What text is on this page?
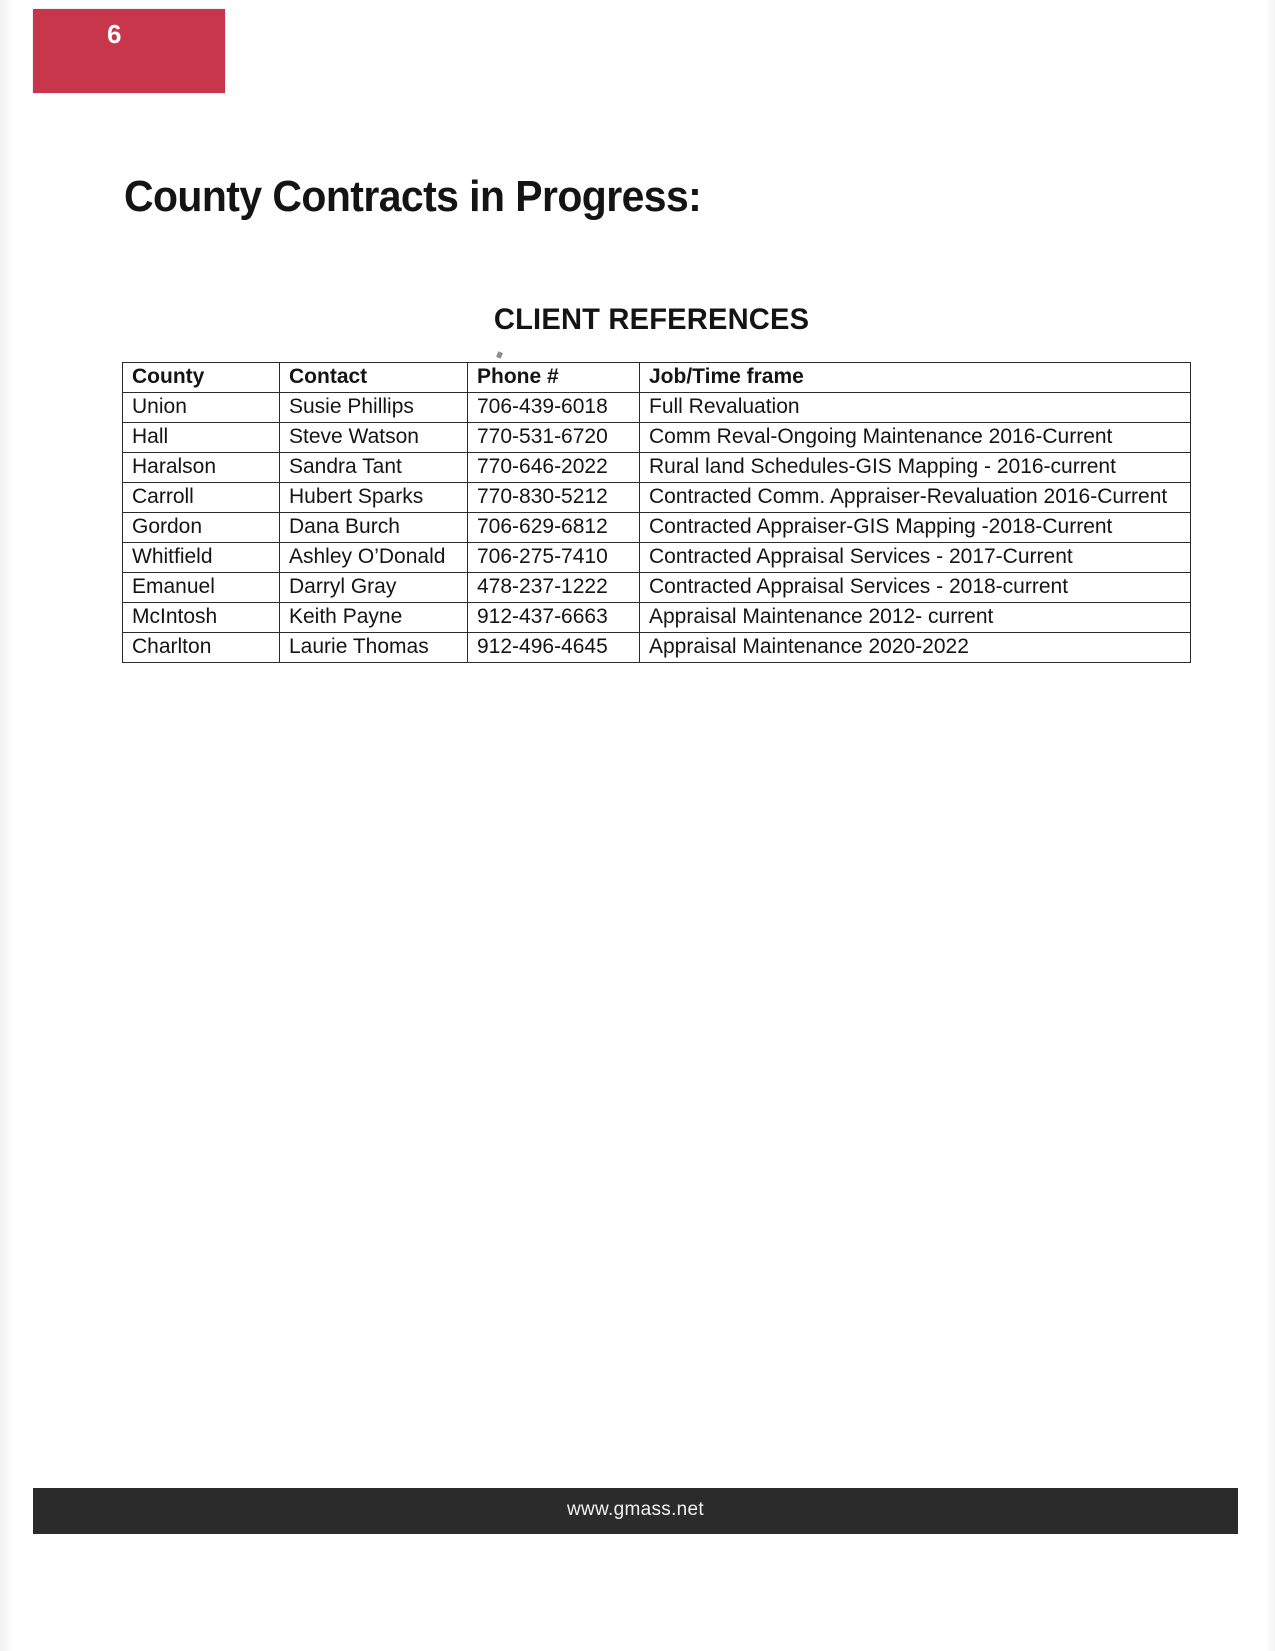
6
County Contracts in Progress:
CLIENT REFERENCES
County	Contact	Phone #	Job/Time frame
Union	Susie Phillips	706-439-6018	Full Revaluation
Hall	Steve Watson	770-531-6720	Comm Reval-Ongoing Maintenance 2016-Current
Haralson	Sandra Tant	770-646-2022	Rural land Schedules-GIS Mapping - 2016-current
Carroll	Hubert Sparks	770-830-5212	Contracted Comm. Appraiser-Revaluation 2016-Current
Gordon	Dana Burch	706-629-6812	Contracted Appraiser-GIS Mapping -2018-Current
Whitfield	Ashley O’Donald	706-275-7410	Contracted Appraisal Services - 2017-Current
Emanuel	Darryl Gray	478-237-1222	Contracted Appraisal Services - 2018-current
McIntosh	Keith Payne	912-437-6663	Appraisal Maintenance 2012- current
Charlton	Laurie Thomas	912-496-4645	Appraisal Maintenance 2020-2022
www.gmass.net
